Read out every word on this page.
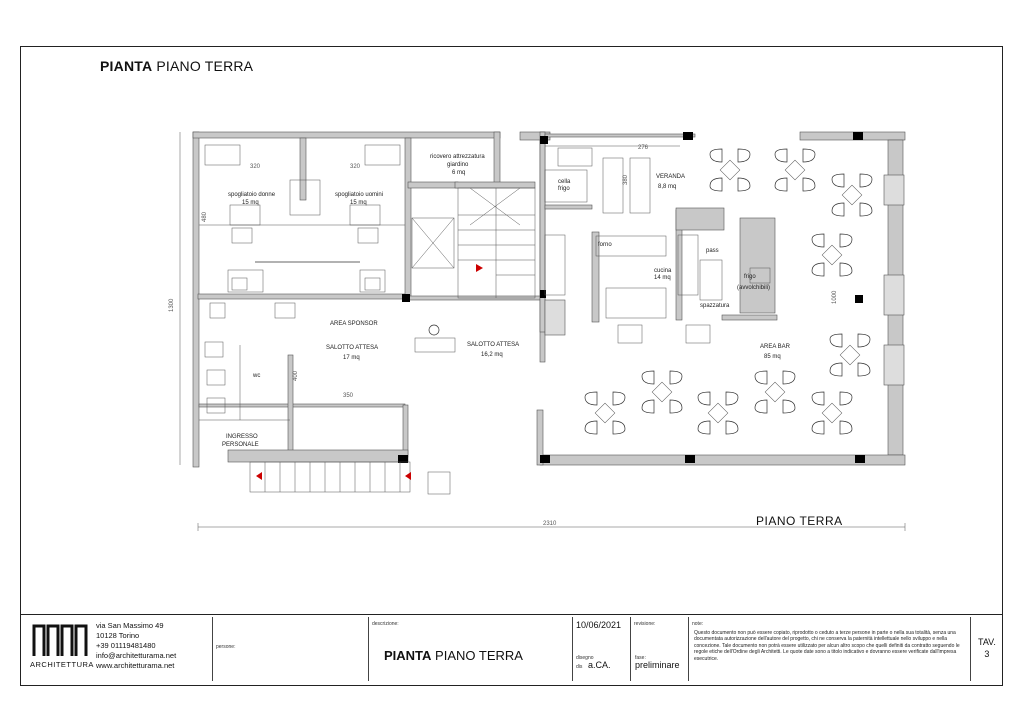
PIANTA PIANO TERRA
spogliatoio donne
15 mq
spogliatoio uomini
15 mq
ricovero attrezzatura
giardino
6 mq
AREA SPONSOR
SALOTTO ATTESA
17 mq
SALOTTO ATTESA
16,2 mq
wc
INGRESSO
PERSONALE
cella
frigo
VERANDA
8,8 mq
cucina
14 mq
forno
pass
spazzatura
AREA BAR
85 mq
frigo
(avvolchibili)
320	320
480
1300
350
400
276
380
1000
2310	PIANO TERRA
ARCHITETTURA
via San Massimo 49
10128 Torino
+39 01119481480
info@architetturama.net
www.architetturama.net
persone:
descrizione:
PIANTA PIANO TERRA
10/06/2021	revisione:
disegno
dis a.CA.
fase:
preliminare
note:
Questo documento non può essere copiato, riprodotto o ceduto a terze persone in parte o nella sua totalità, senza una documentata autorizzazione dell'autore del progetto, chi ne conserva la paternità intellettuale nello sviluppo e nella concezione. Tale documento non potrà essere utilizzato per alcun altro scopo che quelli definiti da contratto seguendo le regole etiche dell'Ordine degli Architetti. Le quote date sono a titolo indicativo e dovranno essere verificate dall'impresa esecutrice.
TAV.
3
